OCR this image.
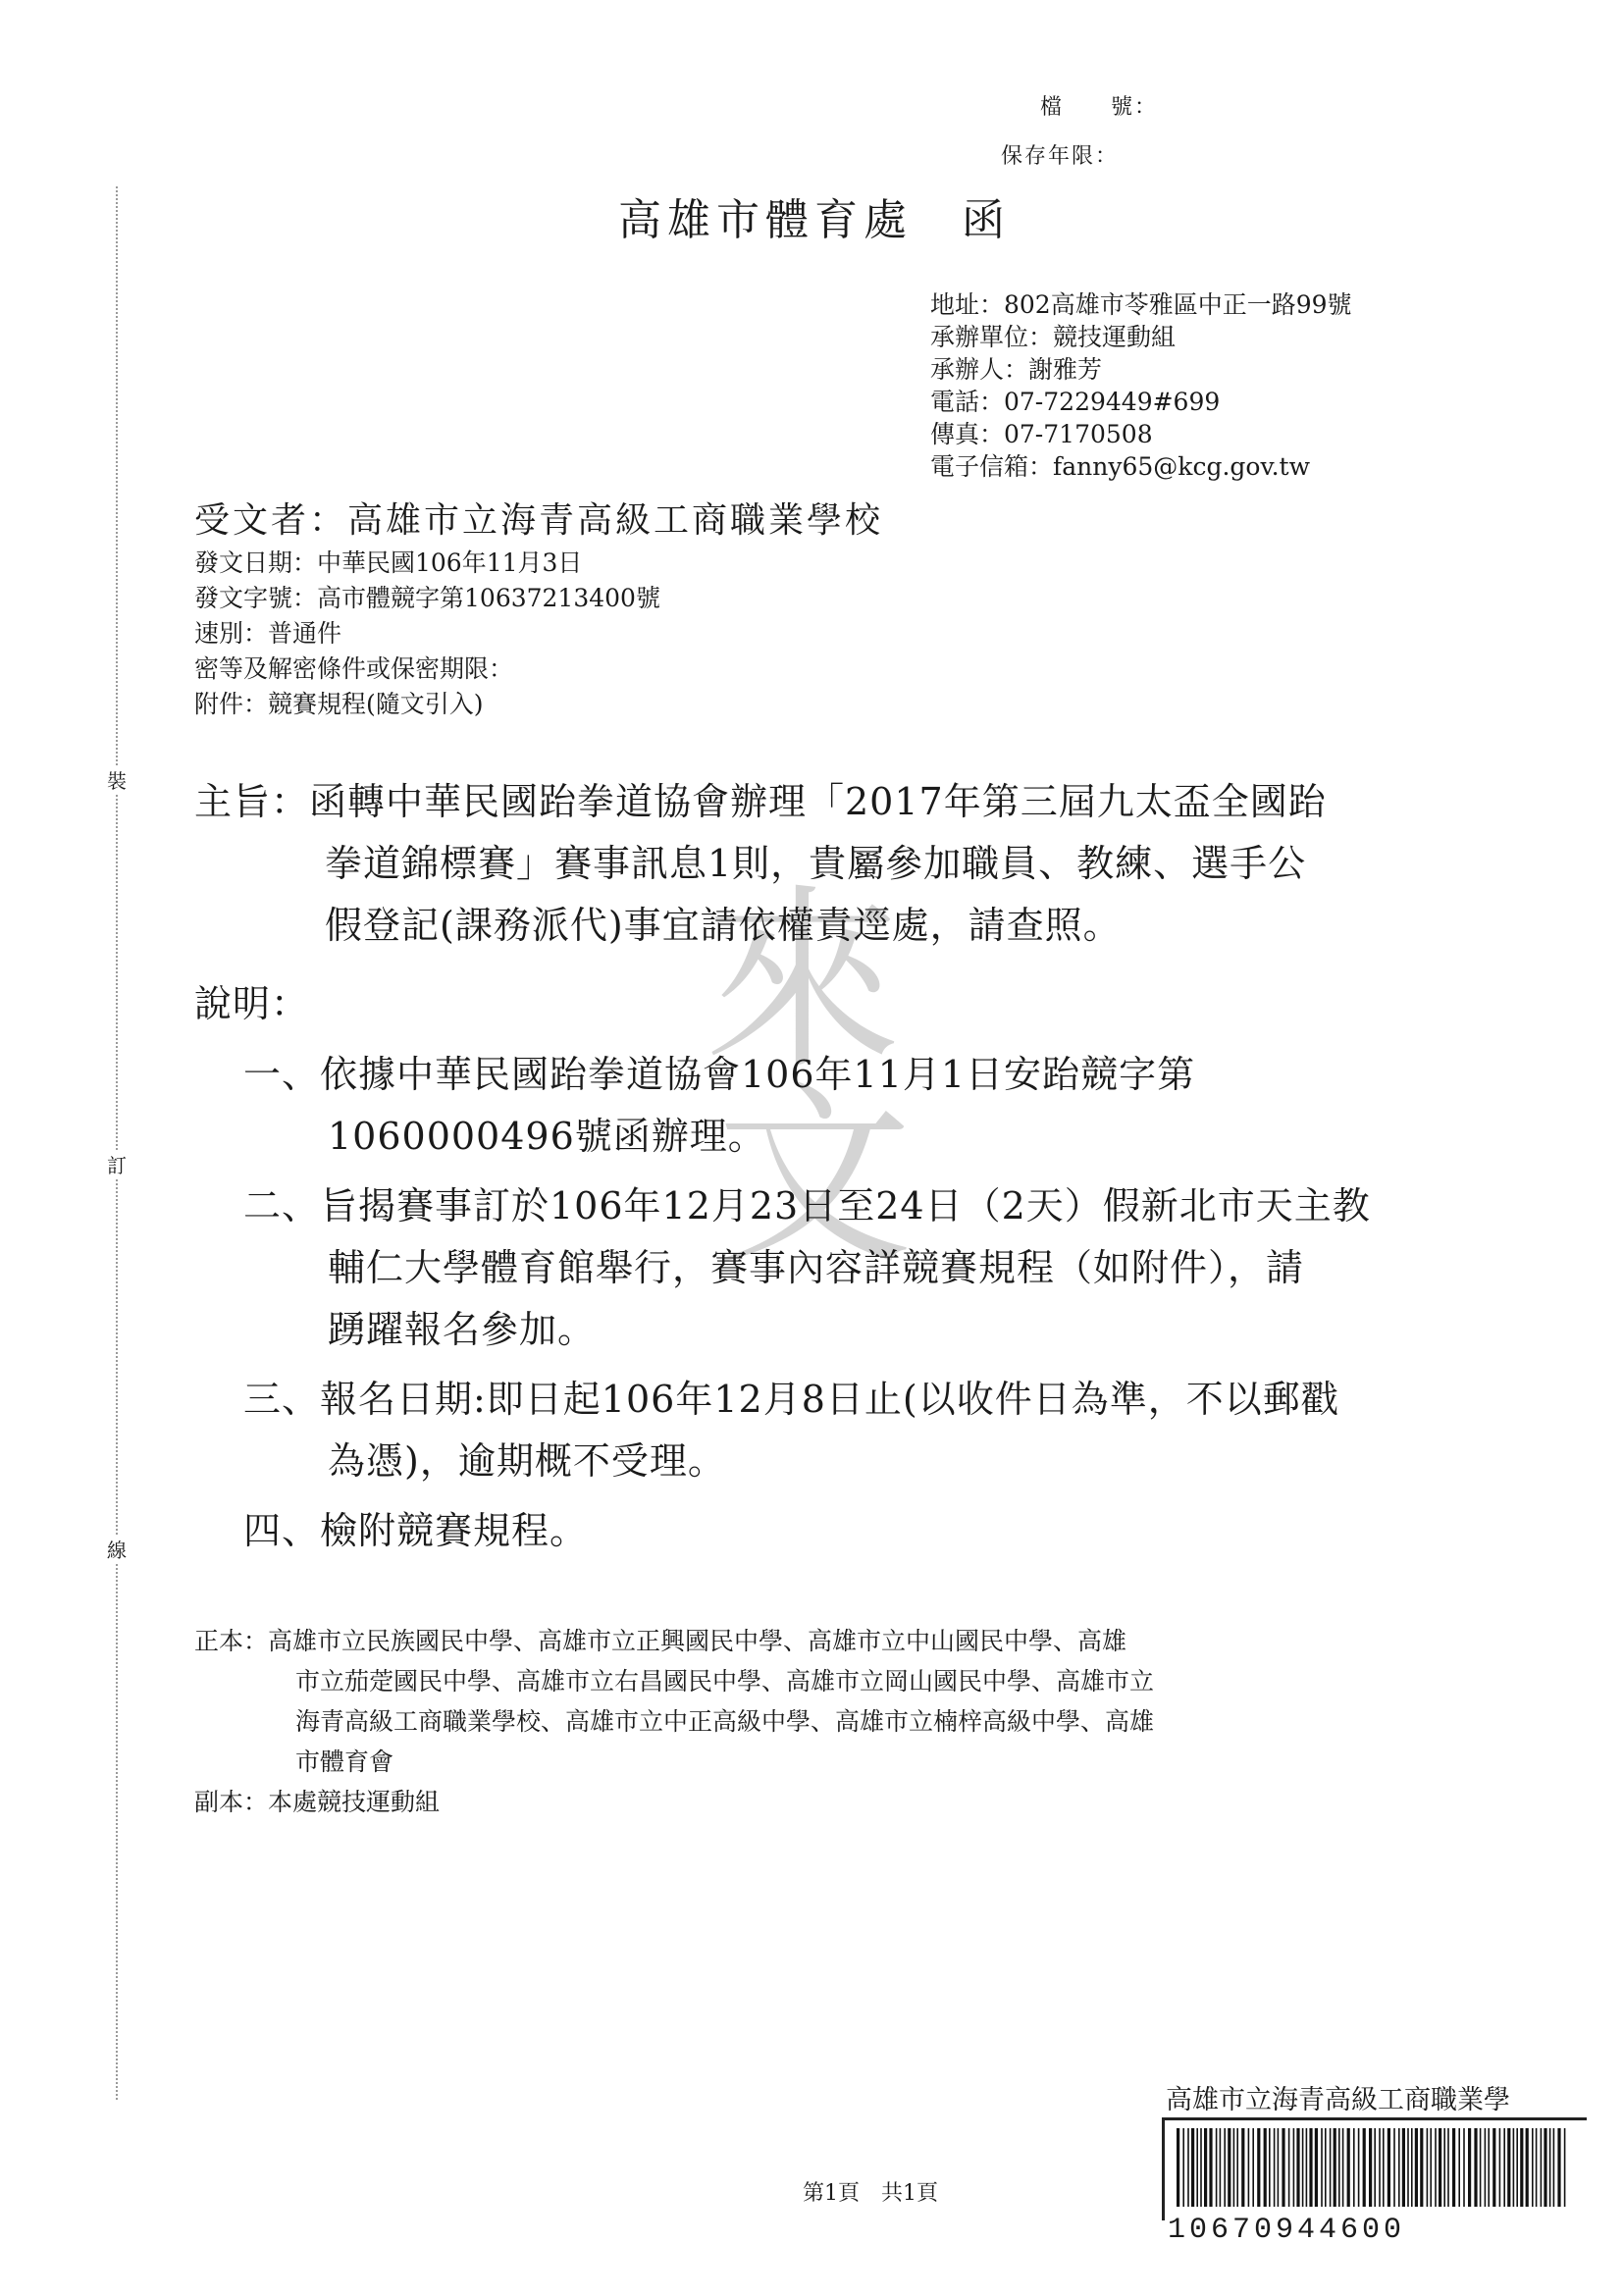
裝
訂
線
檔　　號：
保存年限：
高雄市體育處　函
地址：802高雄市苓雅區中正一路99號
承辦單位：競技運動組
承辦人：謝雅芳
電話：07-7229449#699
傳真：07-7170508
電子信箱：fanny65@kcg.gov.tw
受文者：高雄市立海青高級工商職業學校
發文日期：中華民國106年11月3日
發文字號：高市體競字第10637213400號
速別：普通件
密等及解密條件或保密期限：
附件：競賽規程(隨文引入)
來
文
主旨：函轉中華民國跆拳道協會辦理「2017年第三屆九太盃全國跆
拳道錦標賽」賽事訊息1則，貴屬參加職員、教練、選手公
假登記(課務派代)事宜請依權責逕處，請查照。
說明：
一、依據中華民國跆拳道協會106年11月1日安跆競字第
1060000496號函辦理。
二、旨揭賽事訂於106年12月23日至24日（2天）假新北市天主教
輔仁大學體育館舉行，賽事內容詳競賽規程（如附件），請
踴躍報名參加。
三、報名日期:即日起106年12月8日止(以收件日為準，不以郵戳
為憑)，逾期概不受理。
四、檢附競賽規程。
正本：高雄市立民族國民中學、高雄市立正興國民中學、高雄市立中山國民中學、高雄
市立茄萣國民中學、高雄市立右昌國民中學、高雄市立岡山國民中學、高雄市立
海青高級工商職業學校、高雄市立中正高級中學、高雄市立楠梓高級中學、高雄
市體育會
副本：本處競技運動組
第1頁　共1頁
高雄市立海青高級工商職業學
10670944600
